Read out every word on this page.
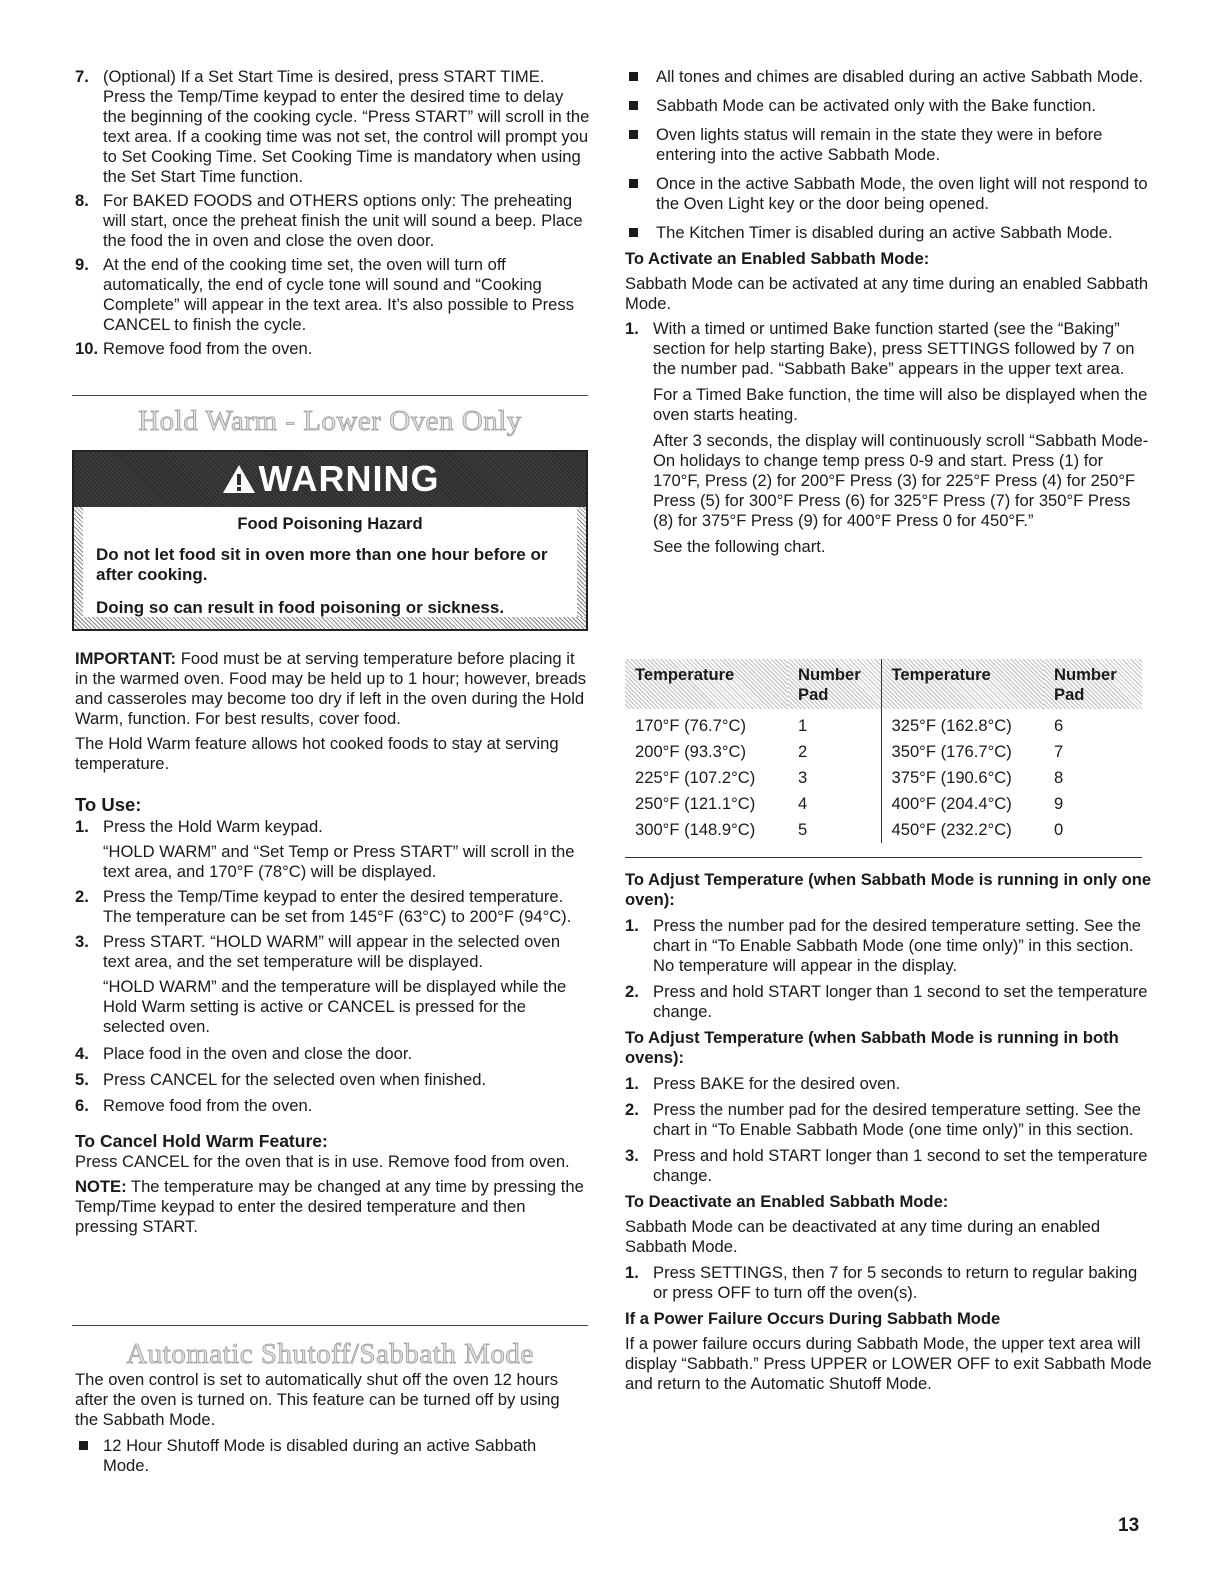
7. (Optional) If a Set Start Time is desired, press START TIME. Press the Temp/Time keypad to enter the desired time to delay the beginning of the cooking cycle. “Press START” will scroll in the text area. If a cooking time was not set, the control will prompt you to Set Cooking Time. Set Cooking Time is mandatory when using the Set Start Time function.

8. For BAKED FOODS and OTHERS options only: The preheating will start, once the preheat finish the unit will sound a beep. Place the food the in oven and close the oven door.

9. At the end of the cooking time set, the oven will turn off automatically, the end of cycle tone will sound and “Cooking Complete” will appear in the text area. It’s also possible to Press CANCEL to finish the cycle.

10. Remove food from the oven.

Hold Warm - Lower Oven Only
WARNING

Food Poisoning Hazard

Do not let food sit in oven more than one hour before or after cooking.

Doing so can result in food poisoning or sickness.

IMPORTANT: Food must be at serving temperature before placing it in the warmed oven. Food may be held up to 1 hour; however, breads and casseroles may become too dry if left in the oven during the Hold Warm, function. For best results, cover food.

The Hold Warm feature allows hot cooked foods to stay at serving temperature.

To Use:

1. Press the Hold Warm keypad.

“HOLD WARM” and “Set Temp or Press START” will scroll in the text area, and 170°F (78°C) will be displayed.

2. Press the Temp/Time keypad to enter the desired temperature. The temperature can be set from 145°F (63°C) to 200°F (94°C).

3. Press START. “HOLD WARM” will appear in the selected oven text area, and the set temperature will be displayed.

“HOLD WARM” and the temperature will be displayed while the Hold Warm setting is active or CANCEL is pressed for the selected oven.

4. Place food in the oven and close the door.

5. Press CANCEL for the selected oven when finished.

6. Remove food from the oven.

To Cancel Hold Warm Feature:

Press CANCEL for the oven that is in use. Remove food from oven.

NOTE: The temperature may be changed at any time by pressing the Temp/Time keypad to enter the desired temperature and then pressing START.

Automatic Shutoff/Sabbath Mode

The oven control is set to automatically shut off the oven 12 hours after the oven is turned on. This feature can be turned off by using the Sabbath Mode.

12 Hour Shutoff Mode is disabled during an active Sabbath Mode.

All tones and chimes are disabled during an active Sabbath Mode.

Sabbath Mode can be activated only with the Bake function.

Oven lights status will remain in the state they were in before entering into the active Sabbath Mode.

Once in the active Sabbath Mode, the oven light will not respond to the Oven Light key or the door being opened.

The Kitchen Timer is disabled during an active Sabbath Mode.

To Activate an Enabled Sabbath Mode:

Sabbath Mode can be activated at any time during an enabled Sabbath Mode.

1. With a timed or untimed Bake function started (see the “Baking” section for help starting Bake), press SETTINGS followed by 7 on the number pad. “Sabbath Bake” appears in the upper text area.

For a Timed Bake function, the time will also be displayed when the oven starts heating.

After 3 seconds, the display will continuously scroll “Sabbath Mode- On holidays to change temp press 0-9 and start. Press (1) for 170°F, Press (2) for 200°F Press (3) for 225°F Press (4) for 250°F Press (5) for 300°F Press (6) for 325°F Press (7) for 350°F Press (8) for 375°F Press (9) for 400°F Press 0 for 450°F.”

See the following chart.

Temperature	Number Pad	Temperature	Number Pad
170°F (76.7°C)	1	325°F (162.8°C)	6
200°F (93.3°C)	2	350°F (176.7°C)	7
225°F (107.2°C)	3	375°F (190.6°C)	8
250°F (121.1°C)	4	400°F (204.4°C)	9
300°F (148.9°C)	5	450°F (232.2°C)	0

To Adjust Temperature (when Sabbath Mode is running in only one oven):

1. Press the number pad for the desired temperature setting. See the chart in “To Enable Sabbath Mode (one time only)” in this section. No temperature will appear in the display.

2. Press and hold START longer than 1 second to set the temperature change.

To Adjust Temperature (when Sabbath Mode is running in both ovens):

1. Press BAKE for the desired oven.

2. Press the number pad for the desired temperature setting. See the chart in “To Enable Sabbath Mode (one time only)” in this section.

3. Press and hold START longer than 1 second to set the temperature change.

To Deactivate an Enabled Sabbath Mode:

Sabbath Mode can be deactivated at any time during an enabled Sabbath Mode.

1. Press SETTINGS, then 7 for 5 seconds to return to regular baking or press OFF to turn off the oven(s).

If a Power Failure Occurs During Sabbath Mode

If a power failure occurs during Sabbath Mode, the upper text area will display “Sabbath.” Press UPPER or LOWER OFF to exit Sabbath Mode and return to the Automatic Shutoff Mode.

13
